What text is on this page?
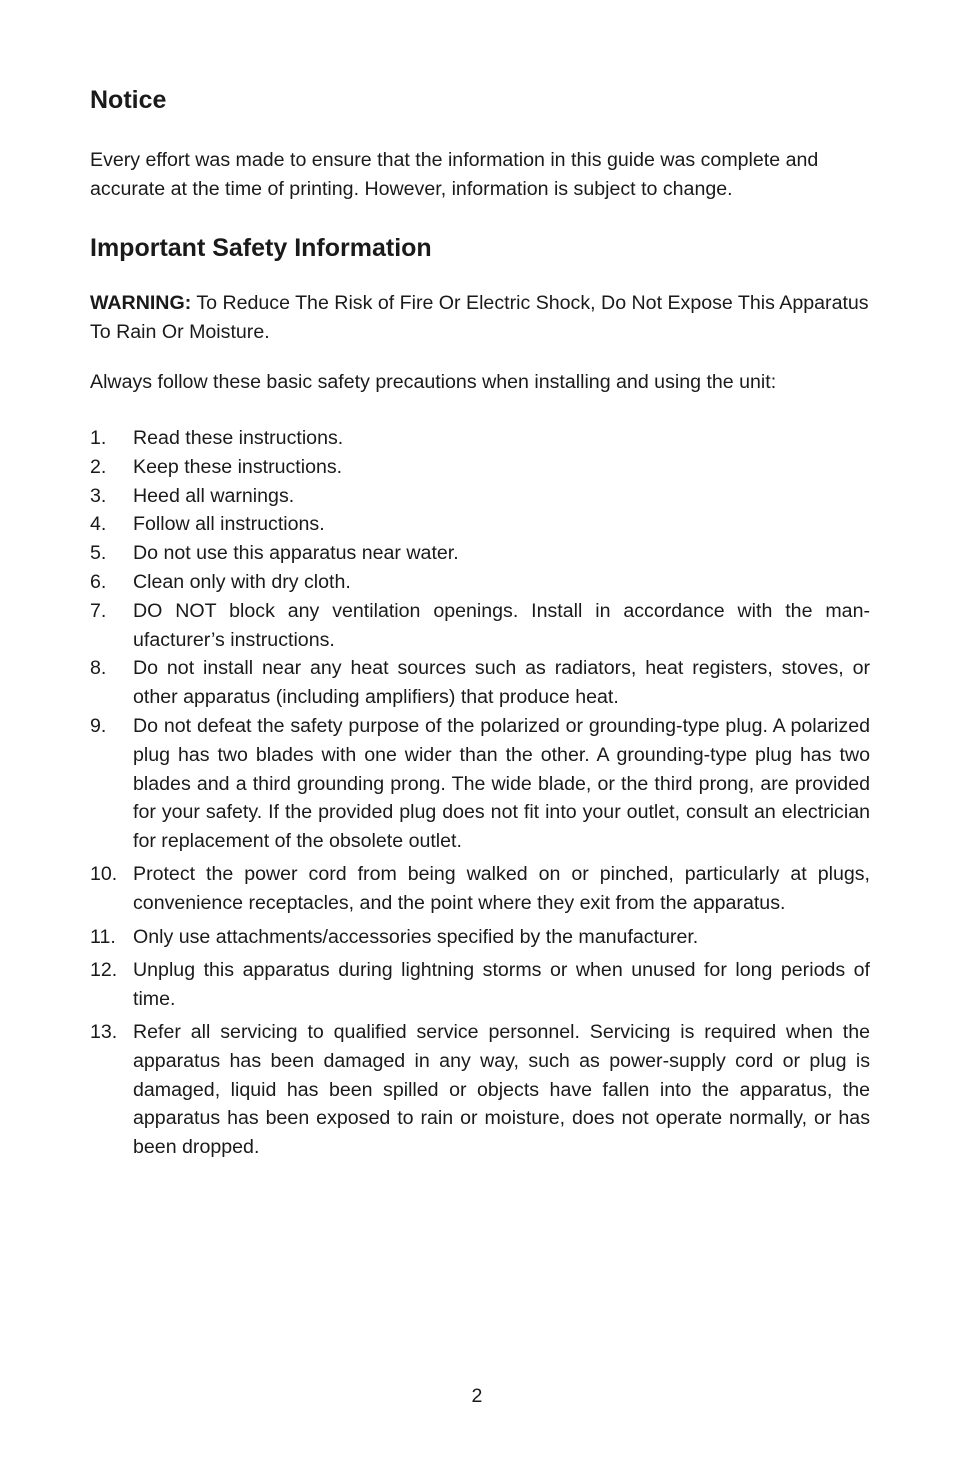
Notice

Every effort was made to ensure that the information in this guide was complete and accurate at the time of printing. However, information is subject to change.

Important Safety Information

WARNING: To Reduce The Risk of Fire Or Electric Shock, Do Not Expose This Apparatus To Rain Or Moisture.

Always follow these basic safety precautions when installing and using the unit:

1. Read these instructions.
2. Keep these instructions.
3. Heed all warnings.
4. Follow all instructions.
5. Do not use this apparatus near water.
6. Clean only with dry cloth.
7. DO NOT block any ventilation openings. Install in accordance with the manufacturer’s instructions.
8. Do not install near any heat sources such as radiators, heat registers, stoves, or other apparatus (including amplifiers) that produce heat.
9. Do not defeat the safety purpose of the polarized or grounding-type plug. A polarized plug has two blades with one wider than the other. A grounding-type plug has two blades and a third grounding prong. The wide blade, or the third prong, are provided for your safety. If the provided plug does not fit into your outlet, consult an electrician for replacement of the obsolete outlet.
10. Protect the power cord from being walked on or pinched, particularly at plugs, convenience receptacles, and the point where they exit from the apparatus.
11. Only use attachments/accessories specified by the manufacturer.
12. Unplug this apparatus during lightning storms or when unused for long periods of time.
13. Refer all servicing to qualified service personnel. Servicing is required when the apparatus has been damaged in any way, such as power-supply cord or plug is damaged, liquid has been spilled or objects have fallen into the apparatus, the apparatus has been exposed to rain or moisture, does not operate normally, or has been dropped.
2
